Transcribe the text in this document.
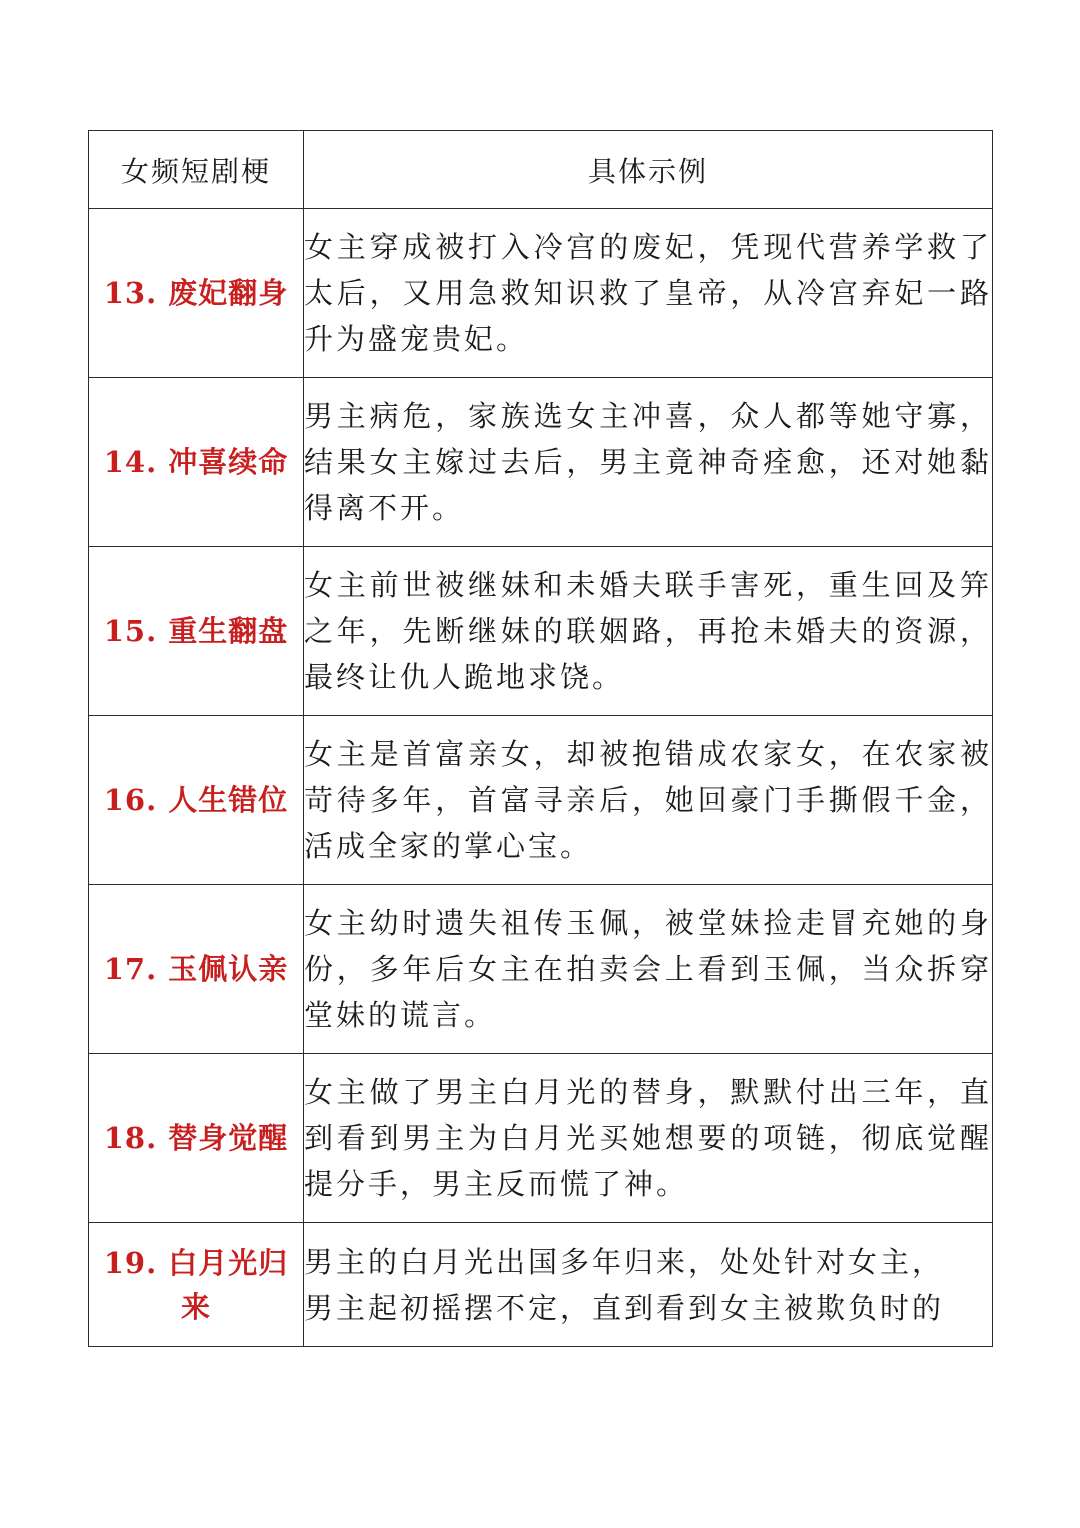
女频短剧梗	具体示例
13. 废妃翻身	女主穿成被打入冷宫的废妃，凭现代营养学救了太后，又用急救知识救了皇帝，从冷宫弃妃一路升为盛宠贵妃。
14. 冲喜续命	男主病危，家族选女主冲喜，众人都等她守寡，结果女主嫁过去后，男主竟神奇痊愈，还对她黏得离不开。
15. 重生翻盘	女主前世被继妹和未婚夫联手害死，重生回及笄之年，先断继妹的联姻路，再抢未婚夫的资源，最终让仇人跪地求饶。
16. 人生错位	女主是首富亲女，却被抱错成农家女，在农家被苛待多年，首富寻亲后，她回豪门手撕假千金，活成全家的掌心宝。
17. 玉佩认亲	女主幼时遗失祖传玉佩，被堂妹捡走冒充她的身份，多年后女主在拍卖会上看到玉佩，当众拆穿堂妹的谎言。
18. 替身觉醒	女主做了男主白月光的替身，默默付出三年，直到看到男主为白月光买她想要的项链，彻底觉醒提分手，男主反而慌了神。
19. 白月光归来	男主的白月光出国多年归来，处处针对女主，
男主起初摇摆不定，直到看到女主被欺负时的
